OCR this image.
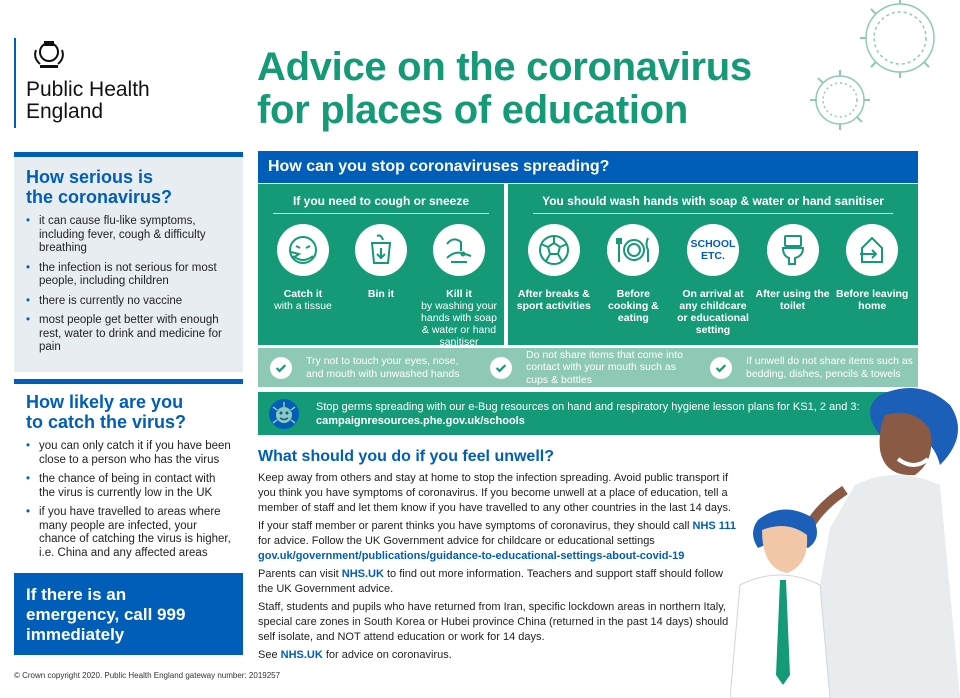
Public Health
England
Advice on the coronavirus
for places of education
How serious is
the coronavirus?
• it can cause flu-like symptoms, including fever, cough & difficulty breathing
• the infection is not serious for most people, including children
• there is currently no vaccine
• most people get better with enough rest, water to drink and medicine for pain
How likely are you
to catch the virus?
• you can only catch it if you have been close to a person who has the virus
• the chance of being in contact with the virus is currently low in the UK
• if you have travelled to areas where many people are infected, your chance of catching the virus is higher, i.e. China and any affected areas
If there is an
emergency, call 999
immediately
© Crown copyright 2020. Public Health England gateway number: 2019257
How can you stop coronaviruses spreading?
If you need to cough or sneeze
Catch it
with a tissue
Bin it	Kill it
by washing your hands with soap & water or hand sanitiser
You should wash hands with soap & water or hand sanitiser
After breaks & sport activities
Before cooking & eating
SCHOOL
ETC.
On arrival at any childcare or educational setting
After using the toilet
Before leaving home
Try not to touch your eyes, nose, and mouth with unwashed hands
Do not share items that come into contact with your mouth such as cups & bottles
If unwell do not share items such as bedding, dishes, pencils & towels
Stop germs spreading with our e-Bug resources on hand and respiratory hygiene lesson plans for KS1, 2 and 3: campaignresources.phe.gov.uk/schools
What should you do if you feel unwell?

Keep away from others and stay at home to stop the infection spreading. Avoid public transport if you think you have symptoms of coronavirus. If you become unwell at a place of education, tell a member of staff and let them know if you have travelled to any other countries in the last 14 days.

If your staff member or parent thinks you have symptoms of coronavirus, they should call NHS 111 for advice. Follow the UK Government advice for childcare or educational settings gov.uk/government/publications/guidance-to-educational-settings-about-covid-19

Parents can visit NHS.UK to find out more information. Teachers and support staff should follow the UK Government advice.

Staff, students and pupils who have returned from Iran, specific lockdown areas in northern Italy, special care zones in South Korea or Hubei province China (returned in the past 14 days) should self isolate, and NOT attend education or work for 14 days.

See NHS.UK for advice on coronavirus.
